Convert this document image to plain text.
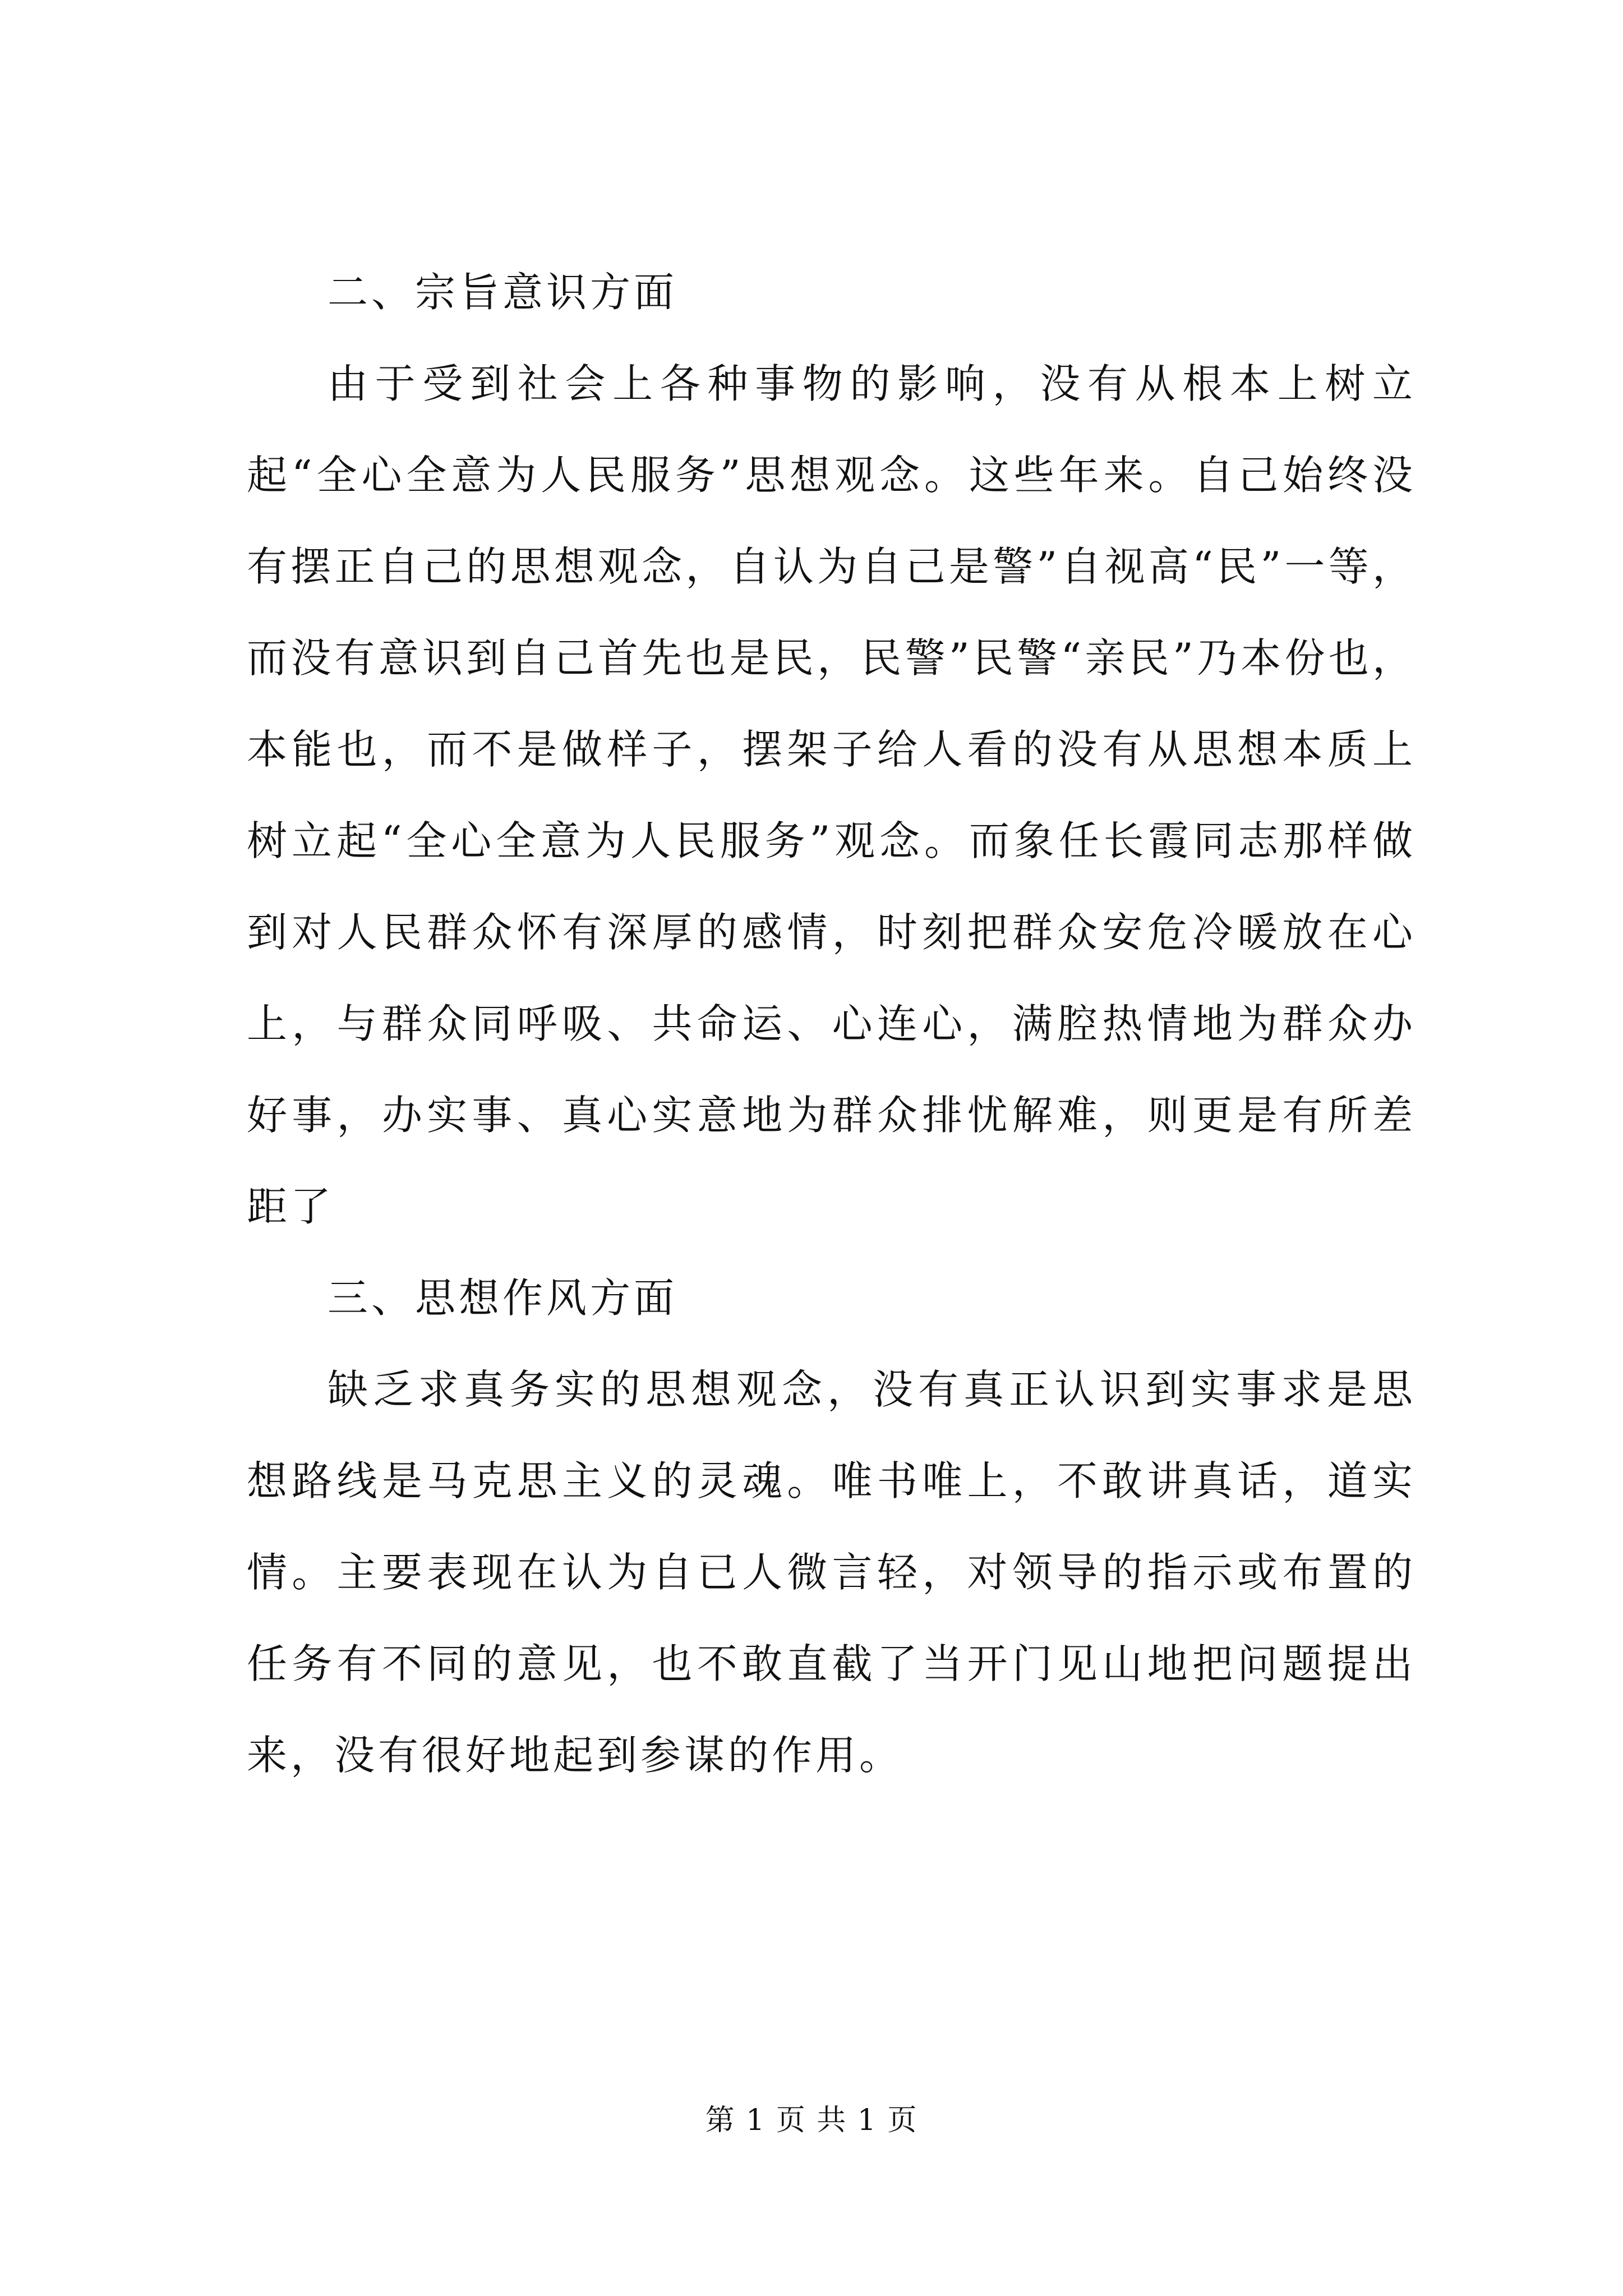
二、宗旨意识方面

由于受到社会上各种事物的影响，没有从根本上树立起“全心全意为人民服务”思想观念。这些年来。自己始终没有摆正自己的思想观念，自认为自己是警”自视高“民”一等，而没有意识到自己首先也是民，民警”民警“亲民”乃本份也，本能也，而不是做样子，摆架子给人看的没有从思想本质上树立起“全心全意为人民服务”观念。而象任长霞同志那样做到对人民群众怀有深厚的感情，时刻把群众安危冷暖放在心上，与群众同呼吸、共命运、心连心，满腔热情地为群众办好事，办实事、真心实意地为群众排忧解难，则更是有所差距了

三、思想作风方面

缺乏求真务实的思想观念，没有真正认识到实事求是思想路线是马克思主义的灵魂。唯书唯上，不敢讲真话，道实情。主要表现在认为自已人微言轻，对领导的指示或布置的任务有不同的意见，也不敢直截了当开门见山地把问题提出来，没有很好地起到参谋的作用。

第 1 页 共 1 页
